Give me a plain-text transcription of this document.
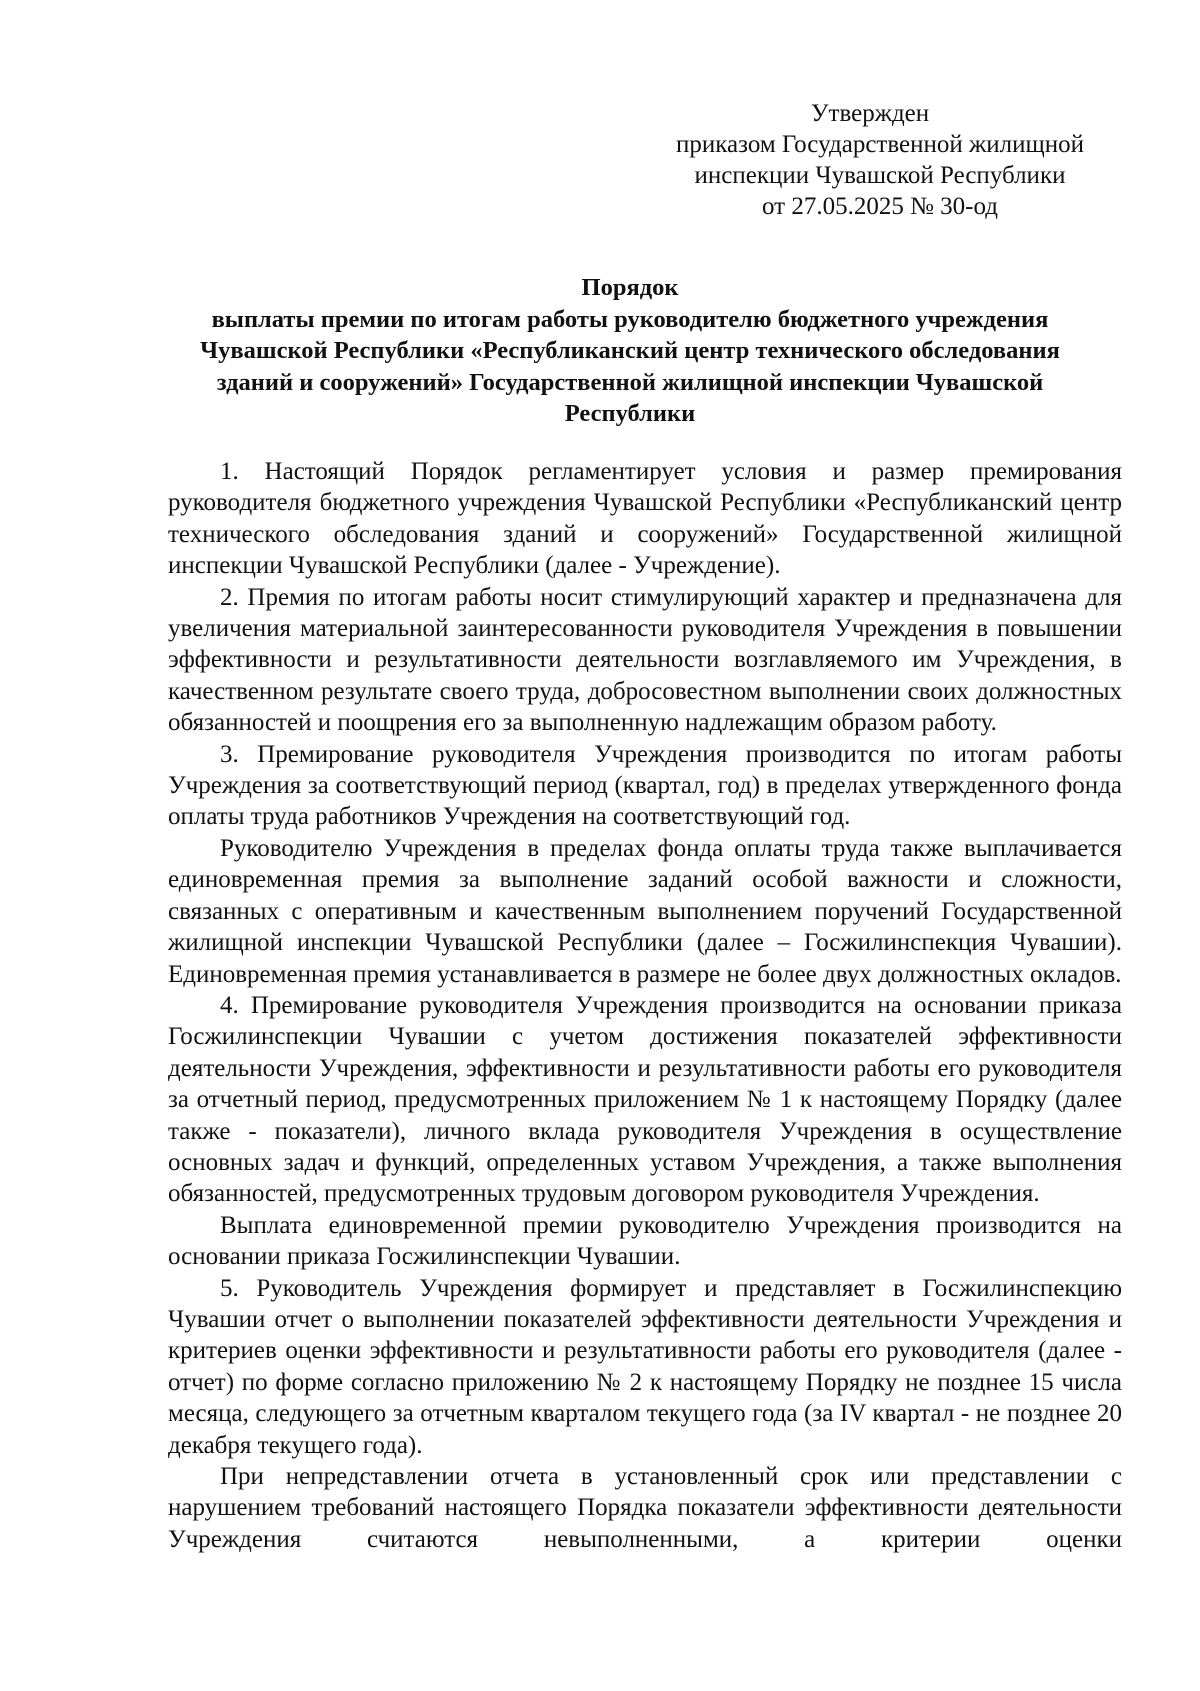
Утвержден
приказом Государственной жилищной
инспекции Чувашской Республики
от 27.05.2025 № 30-од
Порядок
выплаты премии по итогам работы руководителю бюджетного учреждения
Чувашской Республики «Республиканский центр технического обследования
зданий и сооружений» Государственной жилищной инспекции Чувашской
Республики

1. Настоящий Порядок регламентирует условия и размер премирования руководителя бюджетного учреждения Чувашской Республики «Республиканский центр технического обследования зданий и сооружений» Государственной жилищной инспекции Чувашской Республики (далее - Учреждение).

2. Премия по итогам работы носит стимулирующий характер и предназначена для увеличения материальной заинтересованности руководителя Учреждения в повышении эффективности и результативности деятельности возглавляемого им Учреждения, в качественном результате своего труда, добросовестном выполнении своих должностных обязанностей и поощрения его за выполненную надлежащим образом работу.

3. Премирование руководителя Учреждения производится по итогам работы Учреждения за соответствующий период (квартал, год) в пределах утвержденного фонда оплаты труда работников Учреждения на соответствующий год.

Руководителю Учреждения в пределах фонда оплаты труда также выплачивается единовременная премия за выполнение заданий особой важности и сложности, связанных с оперативным и качественным выполнением поручений Государственной жилищной инспекции Чувашской Республики (далее – Госжилинспекция Чувашии). Единовременная премия устанавливается в размере не более двух должностных окладов.

4. Премирование руководителя Учреждения производится на основании приказа Госжилинспекции Чувашии с учетом достижения показателей эффективности деятельности Учреждения, эффективности и результативности работы его руководителя за отчетный период, предусмотренных приложением № 1 к настоящему Порядку (далее также - показатели), личного вклада руководителя Учреждения в осуществление основных задач и функций, определенных уставом Учреждения, а также выполнения обязанностей, предусмотренных трудовым договором руководителя Учреждения.

Выплата единовременной премии руководителю Учреждения производится на основании приказа Госжилинспекции Чувашии.

5. Руководитель Учреждения формирует и представляет в Госжилинспекцию Чувашии отчет о выполнении показателей эффективности деятельности Учреждения и критериев оценки эффективности и результативности работы его руководителя (далее - отчет) по форме согласно приложению № 2 к настоящему Порядку не позднее 15 числа месяца, следующего за отчетным кварталом текущего года (за IV квартал - не позднее 20 декабря текущего года).

При непредставлении отчета в установленный срок или представлении с нарушением требований настоящего Порядка показатели эффективности деятельности Учреждения считаются невыполненными, а критерии оценки
